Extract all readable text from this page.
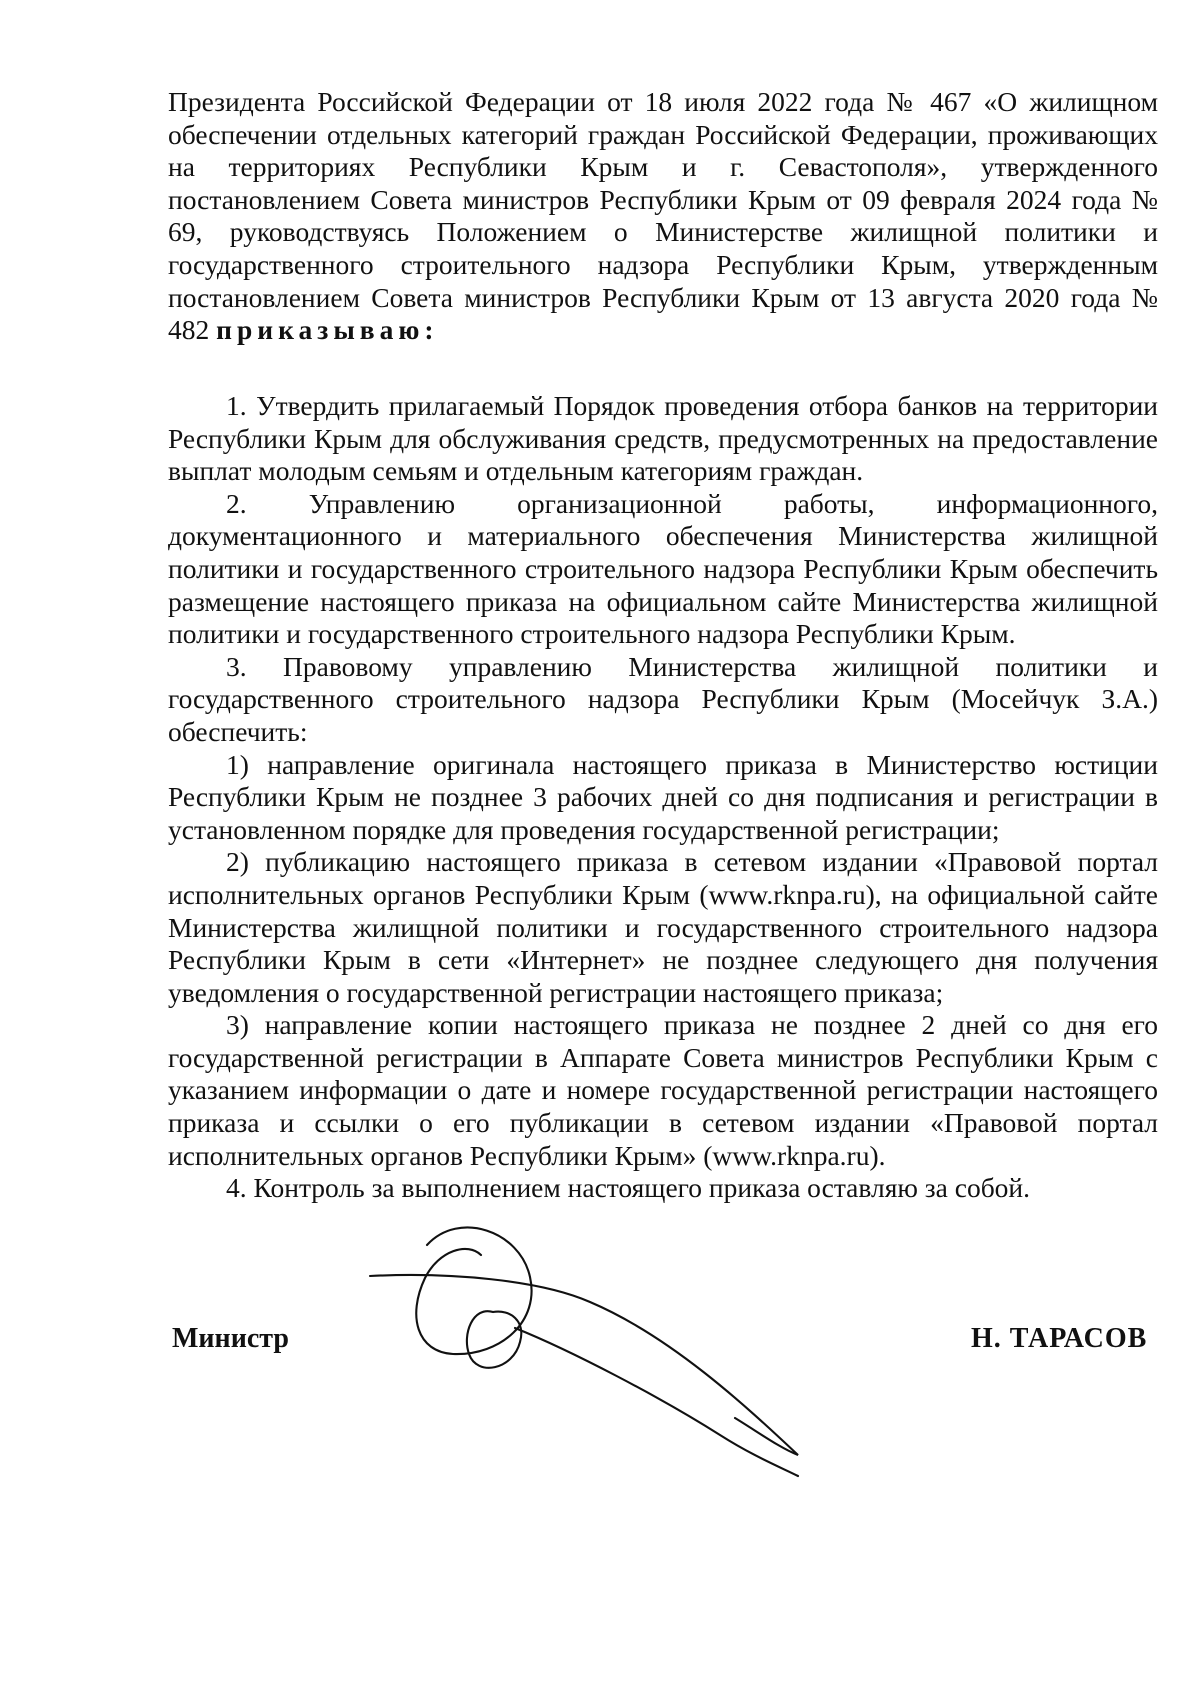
Президента Российской Федерации от 18 июля 2022 года № 467 «О жилищном обеспечении отдельных категорий граждан Российской Федерации, проживающих на территориях Республики Крым и г. Севастополя», утвержденного постановлением Совета министров Республики Крым от 09 февраля 2024 года № 69, руководствуясь Положением о Министерстве жилищной политики и государственного строительного надзора Республики Крым, утвержденным постановлением Совета министров Республики Крым от 13 августа 2020 года № 482 приказываю:

1. Утвердить прилагаемый Порядок проведения отбора банков на территории Республики Крым для обслуживания средств, предусмотренных на предоставление выплат молодым семьям и отдельным категориям граждан.

2. Управлению организационной работы, информационного, документационного и материального обеспечения Министерства жилищной политики и государственного строительного надзора Республики Крым обеспечить размещение настоящего приказа на официальном сайте Министерства жилищной политики и государственного строительного надзора Республики Крым.

3. Правовому управлению Министерства жилищной политики и государственного строительного надзора Республики Крым (Мосейчук З.А.) обеспечить:

1) направление оригинала настоящего приказа в Министерство юстиции Республики Крым не позднее 3 рабочих дней со дня подписания и регистрации в установленном порядке для проведения государственной регистрации;

2) публикацию настоящего приказа в сетевом издании «Правовой портал исполнительных органов Республики Крым (www.rknpa.ru), на официальной сайте Министерства жилищной политики и государственного строительного надзора Республики Крым в сети «Интернет» не позднее следующего дня получения уведомления о государственной регистрации настоящего приказа;

3) направление копии настоящего приказа не позднее 2 дней со дня его государственной регистрации в Аппарате Совета министров Республики Крым с указанием информации о дате и номере государственной регистрации настоящего приказа и ссылки о его публикации в сетевом издании «Правовой портал исполнительных органов Республики Крым» (www.rknpa.ru).

4. Контроль за выполнением настоящего приказа оставляю за собой.

Министр	Н. ТАРАСОВ
